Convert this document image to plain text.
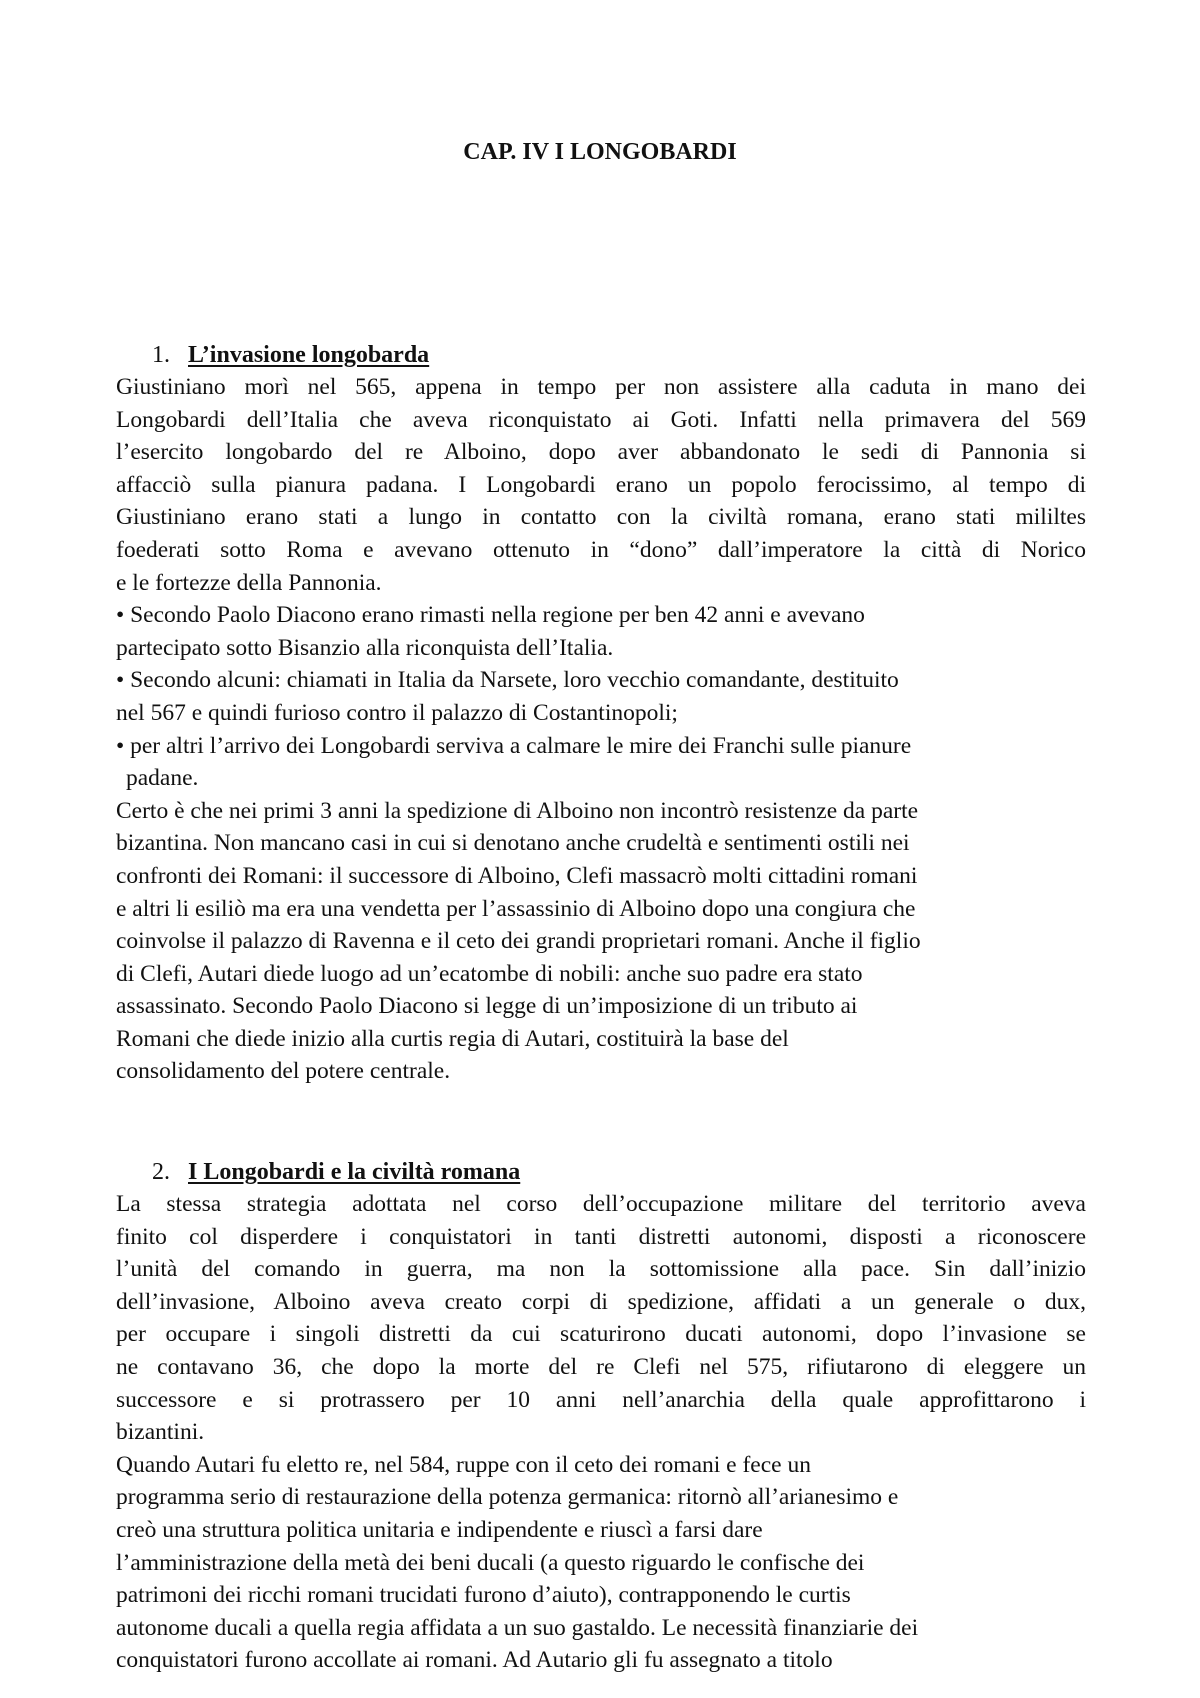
CAP. IV I LONGOBARDI
1. L’invasione longobarda

Giustiniano morì nel 565, appena in tempo per non assistere alla caduta in mano dei

Longobardi dell’Italia che aveva riconquistato ai Goti. Infatti nella primavera del 569

l’esercito longobardo del re Alboino, dopo aver abbandonato le sedi di Pannonia si

affacciò sulla pianura padana. I Longobardi erano un popolo ferocissimo, al tempo di

Giustiniano erano stati a lungo in contatto con la civiltà romana, erano stati mililtes

foederati sotto Roma e avevano ottenuto in “dono” dall’imperatore la città di Norico

e le fortezze della Pannonia.

• Secondo Paolo Diacono erano rimasti nella regione per ben 42 anni e avevano

partecipato sotto Bisanzio alla riconquista dell’Italia.

• Secondo alcuni: chiamati in Italia da Narsete, loro vecchio comandante, destituito

nel 567 e quindi furioso contro il palazzo di Costantinopoli;

• per altri l’arrivo dei Longobardi serviva a calmare le mire dei Franchi sulle pianure

padane.

Certo è che nei primi 3 anni la spedizione di Alboino non incontrò resistenze da parte

bizantina. Non mancano casi in cui si denotano anche crudeltà e sentimenti ostili nei

confronti dei Romani: il successore di Alboino, Clefi massacrò molti cittadini romani

e altri li esiliò ma era una vendetta per l’assassinio di Alboino dopo una congiura che

coinvolse il palazzo di Ravenna e il ceto dei grandi proprietari romani. Anche il figlio

di Clefi, Autari diede luogo ad un’ecatombe di nobili: anche suo padre era stato

assassinato. Secondo Paolo Diacono si legge di un’imposizione di un tributo ai

Romani che diede inizio alla curtis regia di Autari, costituirà la base del

consolidamento del potere centrale.

2. I Longobardi e la civiltà romana

La stessa strategia adottata nel corso dell’occupazione militare del territorio aveva

finito col disperdere i conquistatori in tanti distretti autonomi, disposti a riconoscere

l’unità del comando in guerra, ma non la sottomissione alla pace. Sin dall’inizio

dell’invasione, Alboino aveva creato corpi di spedizione, affidati a un generale o dux,

per occupare i singoli distretti da cui scaturirono ducati autonomi, dopo l’invasione se

ne contavano 36, che dopo la morte del re Clefi nel 575, rifiutarono di eleggere un

successore e si protrassero per 10 anni nell’anarchia della quale approfittarono i

bizantini.

Quando Autari fu eletto re, nel 584, ruppe con il ceto dei romani e fece un

programma serio di restaurazione della potenza germanica: ritornò all’arianesimo e

creò una struttura politica unitaria e indipendente e riuscì a farsi dare

l’amministrazione della metà dei beni ducali (a questo riguardo le confische dei

patrimoni dei ricchi romani trucidati furono d’aiuto), contrapponendo le curtis

autonome ducali a quella regia affidata a un suo gastaldo. Le necessità finanziarie dei

conquistatori furono accollate ai romani. Ad Autario gli fu assegnato a titolo
